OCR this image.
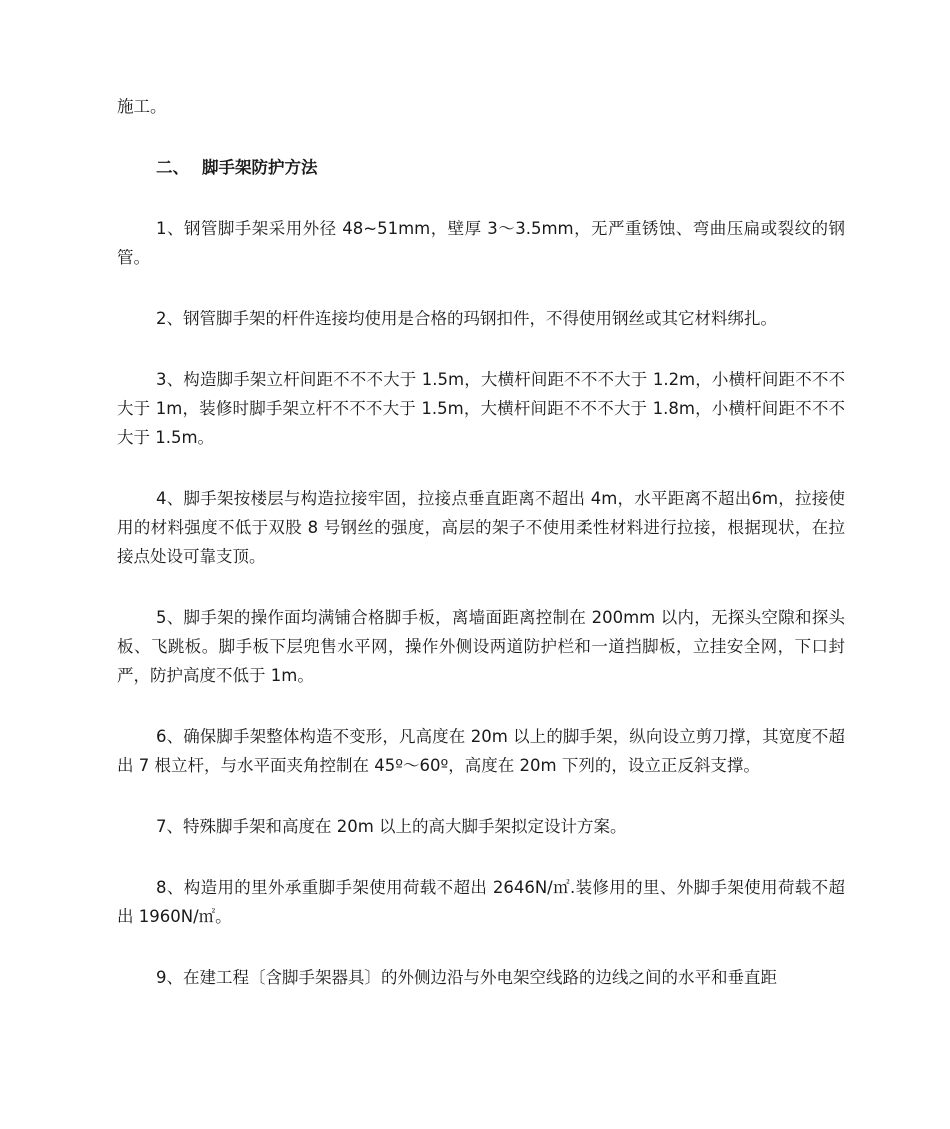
施工。

二、 脚手架防护方法

1、钢管脚手架采用外径 48~51mm，壁厚 3～3.5mm，无严重锈蚀、弯曲压扁或裂纹的钢管。

2、钢管脚手架的杆件连接均使用是合格的玛钢扣件，不得使用钢丝或其它材料绑扎。

3、构造脚手架立杆间距不不不大于 1.5m，大横杆间距不不不大于 1.2m，小横杆间距不不不大于 1m，装修时脚手架立杆不不不大于 1.5m，大横杆间距不不不大于 1.8m，小横杆间距不不不大于 1.5m。

4、脚手架按楼层与构造拉接牢固，拉接点垂直距离不超出 4m，水平距离不超出6m，拉接使用的材料强度不低于双股 8 号钢丝的强度，高层的架子不使用柔性材料进行拉接，根据现状，在拉接点处设可靠支顶。

5、脚手架的操作面均满铺合格脚手板，离墙面距离控制在 200mm 以内，无探头空隙和探头板、飞跳板。脚手板下层兜售水平网，操作外侧设两道防护栏和一道挡脚板，立挂安全网，下口封严，防护高度不低于 1m。

6、确保脚手架整体构造不变形，凡高度在 20m 以上的脚手架，纵向设立剪刀撑，其宽度不超出 7 根立杆，与水平面夹角控制在 45º～60º，高度在 20m 下列的，设立正反斜支撑。

7、特殊脚手架和高度在 20m 以上的高大脚手架拟定设计方案。

8、构造用的里外承重脚手架使用荷载不超出 2646N/㎡.装修用的里、外脚手架使用荷载不超出 1960N/㎡。

9、在建工程〔含脚手架器具〕的外侧边沿与外电架空线路的边线之间的水平和垂直距
